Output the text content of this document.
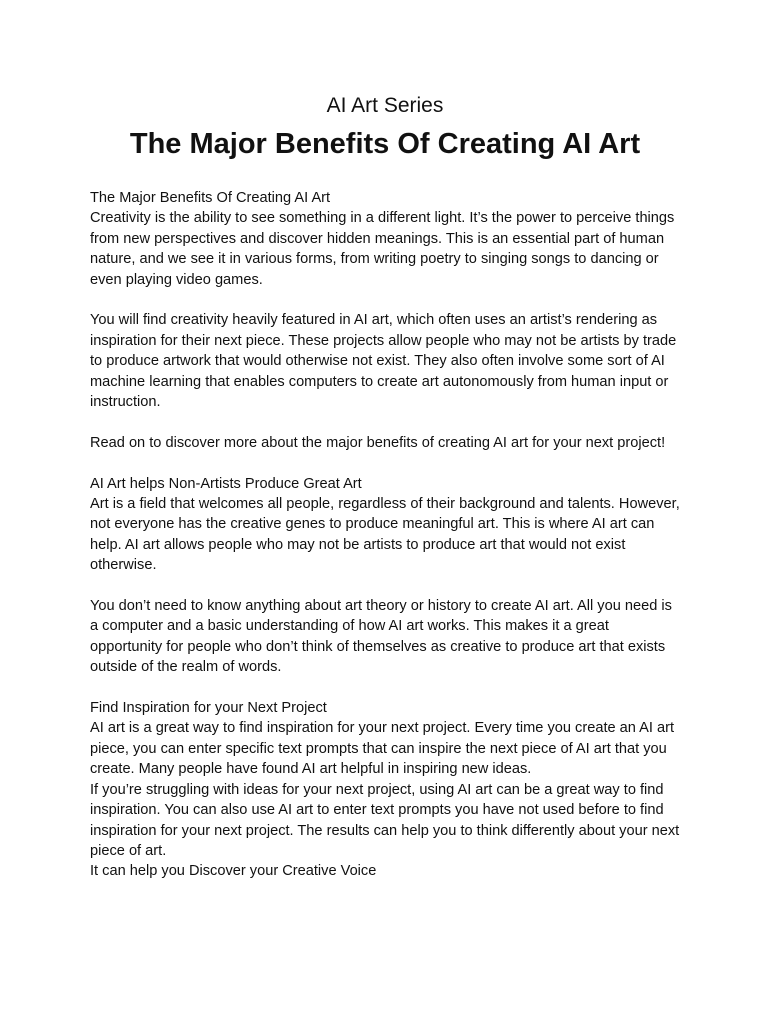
AI Art Series
The Major Benefits Of Creating AI Art
The Major Benefits Of Creating AI Art
Creativity is the ability to see something in a different light. It’s the power to perceive things from new perspectives and discover hidden meanings. This is an essential part of human nature, and we see it in various forms, from writing poetry to singing songs to dancing or even playing video games.
You will find creativity heavily featured in AI art, which often uses an artist’s rendering as inspiration for their next piece. These projects allow people who may not be artists by trade to produce artwork that would otherwise not exist. They also often involve some sort of AI machine learning that enables computers to create art autonomously from human input or instruction.
Read on to discover more about the major benefits of creating AI art for your next project!
AI Art helps Non-Artists Produce Great Art
Art is a field that welcomes all people, regardless of their background and talents. However, not everyone has the creative genes to produce meaningful art. This is where AI art can help. AI art allows people who may not be artists to produce art that would not exist otherwise.
You don’t need to know anything about art theory or history to create AI art. All you need is a computer and a basic understanding of how AI art works. This makes it a great opportunity for people who don’t think of themselves as creative to produce art that exists outside of the realm of words.
Find Inspiration for your Next Project
AI art is a great way to find inspiration for your next project. Every time you create an AI art piece, you can enter specific text prompts that can inspire the next piece of AI art that you create. Many people have found AI art helpful in inspiring new ideas.
If you’re struggling with ideas for your next project, using AI art can be a great way to find inspiration. You can also use AI art to enter text prompts you have not used before to find inspiration for your next project. The results can help you to think differently about your next piece of art.
It can help you Discover your Creative Voice
